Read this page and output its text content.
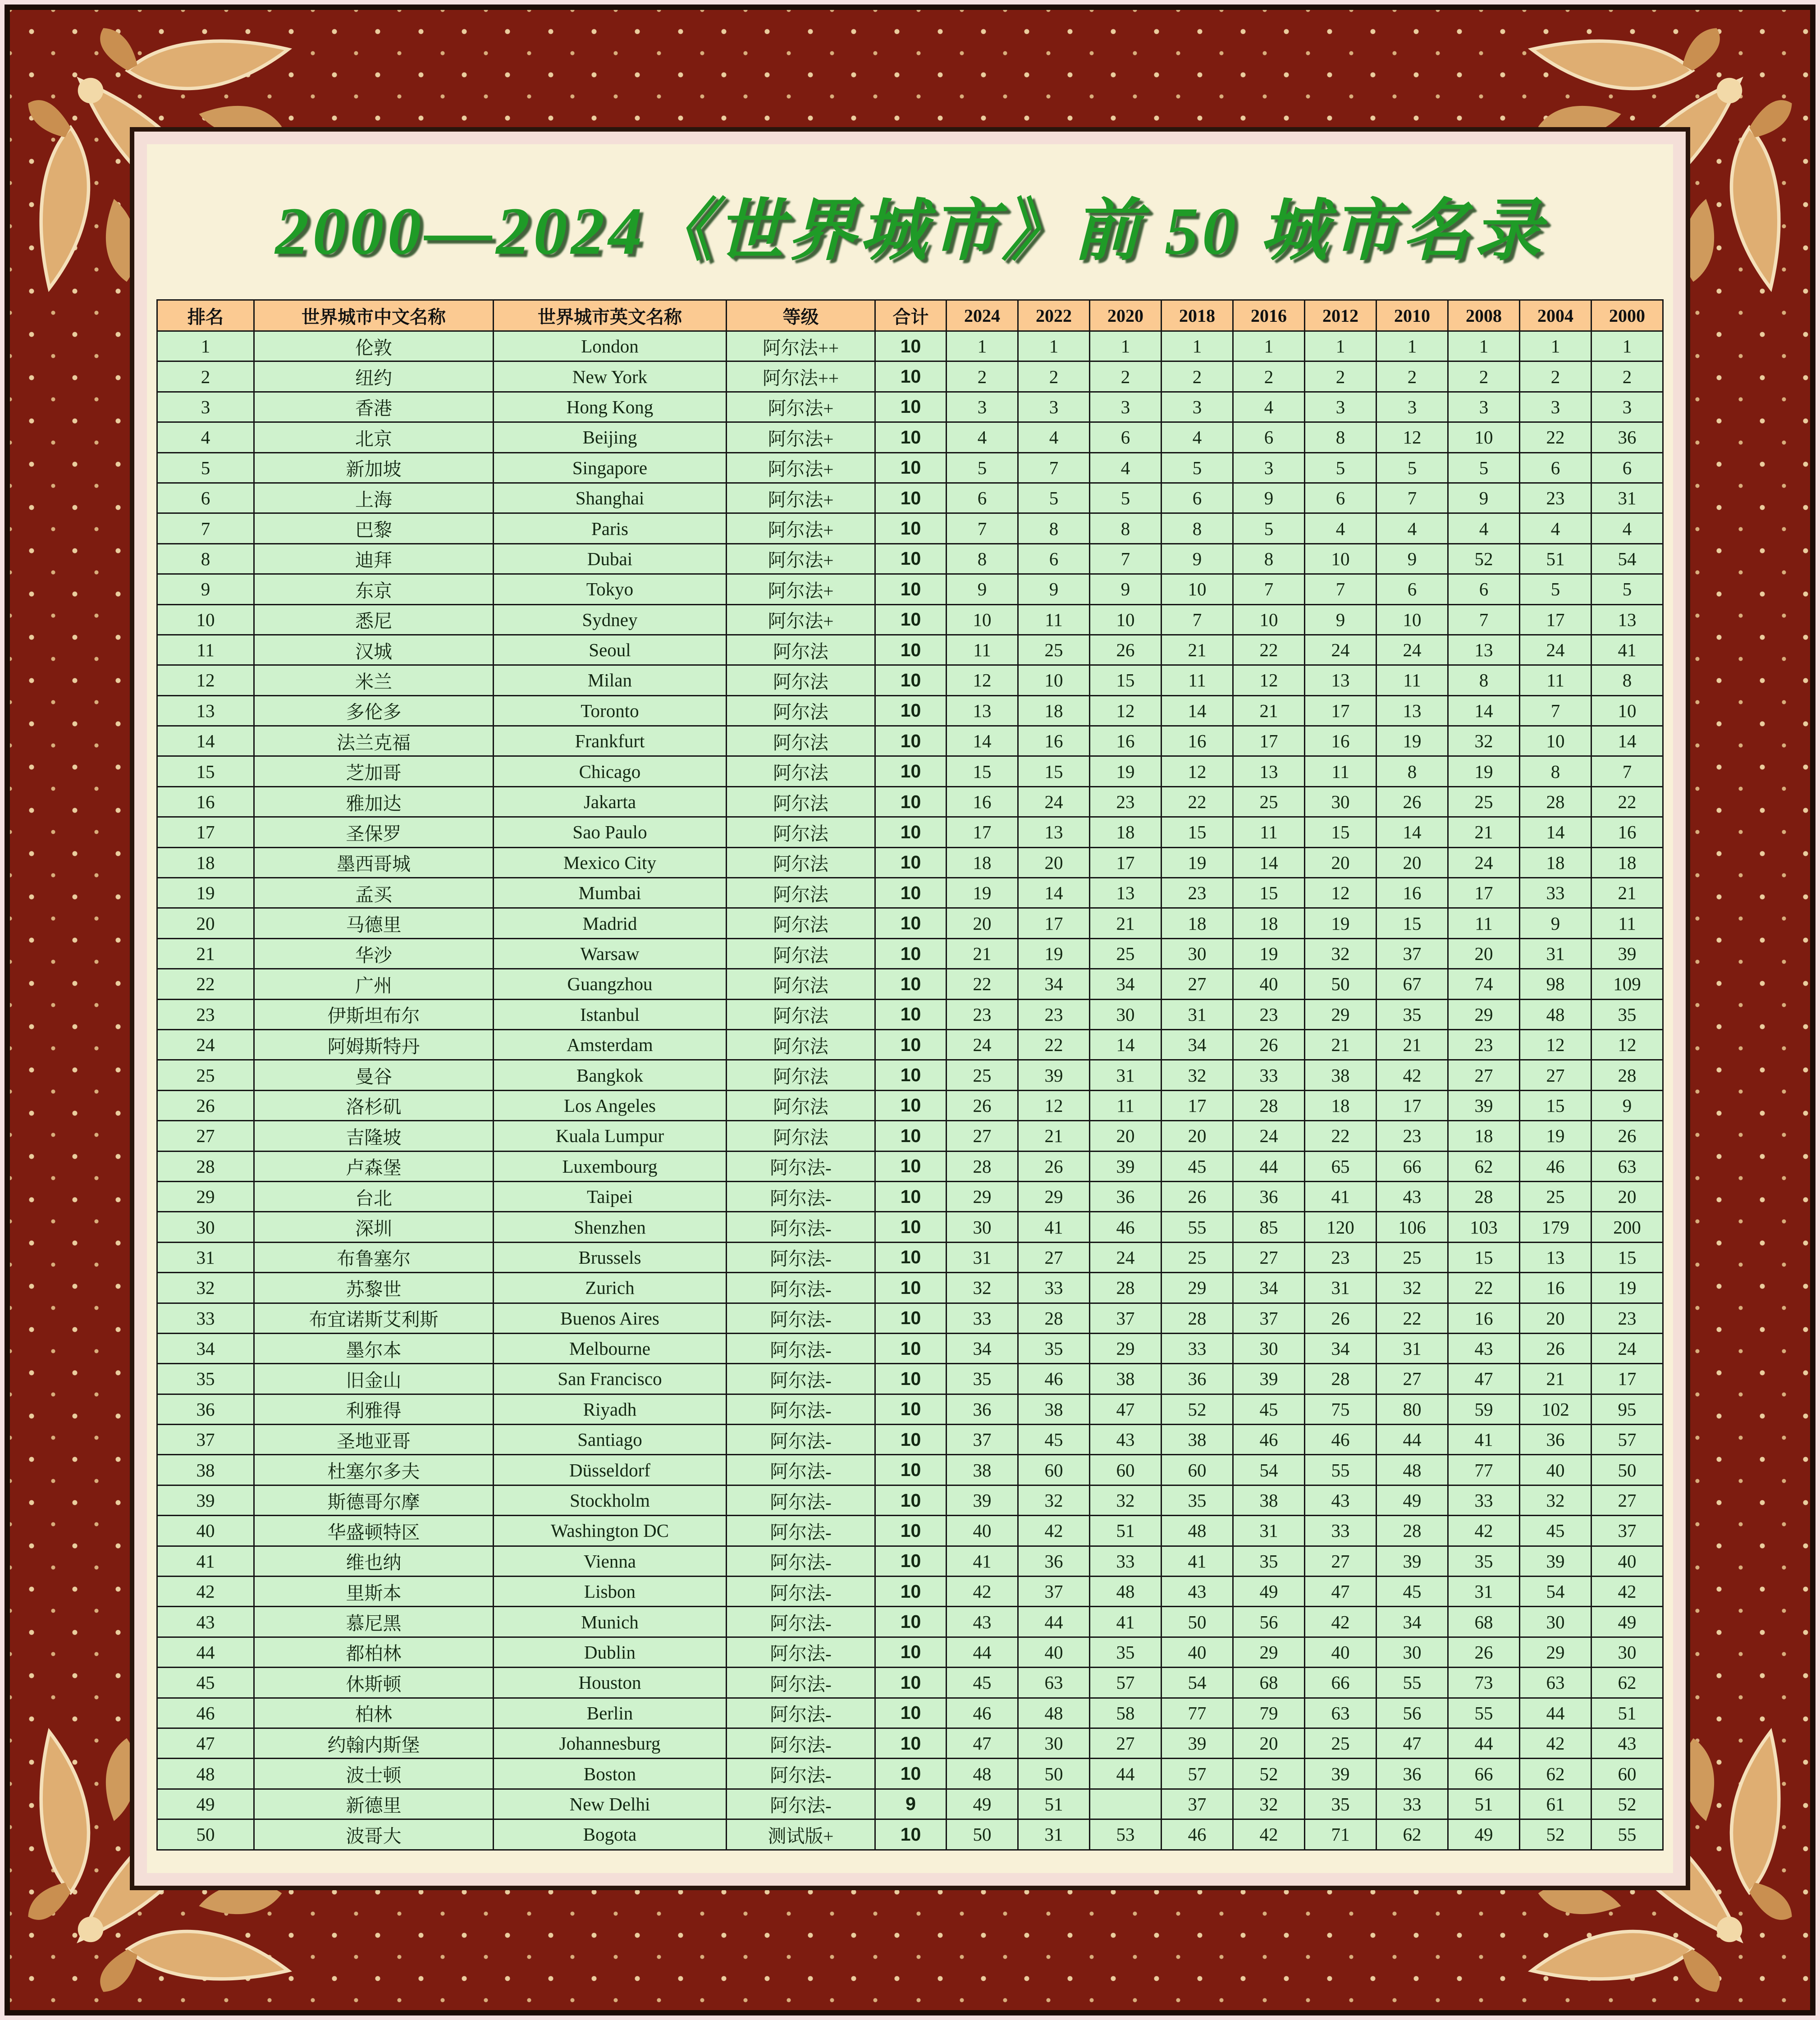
2000—2024《世界城市》前 50 城市名录
排名	世界城市中文名称	世界城市英文名称	等级	合计	2024	2022	2020	2018	2016	2012	2010	2008	2004	2000
1	伦敦	London	阿尔法++	10	1	1	1	1	1	1	1	1	1	1
2	纽约	New York	阿尔法++	10	2	2	2	2	2	2	2	2	2	2
3	香港	Hong Kong	阿尔法+	10	3	3	3	3	4	3	3	3	3	3
4	北京	Beijing	阿尔法+	10	4	4	6	4	6	8	12	10	22	36
5	新加坡	Singapore	阿尔法+	10	5	7	4	5	3	5	5	5	6	6
6	上海	Shanghai	阿尔法+	10	6	5	5	6	9	6	7	9	23	31
7	巴黎	Paris	阿尔法+	10	7	8	8	8	5	4	4	4	4	4
8	迪拜	Dubai	阿尔法+	10	8	6	7	9	8	10	9	52	51	54
9	东京	Tokyo	阿尔法+	10	9	9	9	10	7	7	6	6	5	5
10	悉尼	Sydney	阿尔法+	10	10	11	10	7	10	9	10	7	17	13
11	汉城	Seoul	阿尔法	10	11	25	26	21	22	24	24	13	24	41
12	米兰	Milan	阿尔法	10	12	10	15	11	12	13	11	8	11	8
13	多伦多	Toronto	阿尔法	10	13	18	12	14	21	17	13	14	7	10
14	法兰克福	Frankfurt	阿尔法	10	14	16	16	16	17	16	19	32	10	14
15	芝加哥	Chicago	阿尔法	10	15	15	19	12	13	11	8	19	8	7
16	雅加达	Jakarta	阿尔法	10	16	24	23	22	25	30	26	25	28	22
17	圣保罗	Sao Paulo	阿尔法	10	17	13	18	15	11	15	14	21	14	16
18	墨西哥城	Mexico City	阿尔法	10	18	20	17	19	14	20	20	24	18	18
19	孟买	Mumbai	阿尔法	10	19	14	13	23	15	12	16	17	33	21
20	马德里	Madrid	阿尔法	10	20	17	21	18	18	19	15	11	9	11
21	华沙	Warsaw	阿尔法	10	21	19	25	30	19	32	37	20	31	39
22	广州	Guangzhou	阿尔法	10	22	34	34	27	40	50	67	74	98	109
23	伊斯坦布尔	Istanbul	阿尔法	10	23	23	30	31	23	29	35	29	48	35
24	阿姆斯特丹	Amsterdam	阿尔法	10	24	22	14	34	26	21	21	23	12	12
25	曼谷	Bangkok	阿尔法	10	25	39	31	32	33	38	42	27	27	28
26	洛杉矶	Los Angeles	阿尔法	10	26	12	11	17	28	18	17	39	15	9
27	吉隆坡	Kuala Lumpur	阿尔法	10	27	21	20	20	24	22	23	18	19	26
28	卢森堡	Luxembourg	阿尔法-	10	28	26	39	45	44	65	66	62	46	63
29	台北	Taipei	阿尔法-	10	29	29	36	26	36	41	43	28	25	20
30	深圳	Shenzhen	阿尔法-	10	30	41	46	55	85	120	106	103	179	200
31	布鲁塞尔	Brussels	阿尔法-	10	31	27	24	25	27	23	25	15	13	15
32	苏黎世	Zurich	阿尔法-	10	32	33	28	29	34	31	32	22	16	19
33	布宜诺斯艾利斯	Buenos Aires	阿尔法-	10	33	28	37	28	37	26	22	16	20	23
34	墨尔本	Melbourne	阿尔法-	10	34	35	29	33	30	34	31	43	26	24
35	旧金山	San Francisco	阿尔法-	10	35	46	38	36	39	28	27	47	21	17
36	利雅得	Riyadh	阿尔法-	10	36	38	47	52	45	75	80	59	102	95
37	圣地亚哥	Santiago	阿尔法-	10	37	45	43	38	46	46	44	41	36	57
38	杜塞尔多夫	Düsseldorf	阿尔法-	10	38	60	60	60	54	55	48	77	40	50
39	斯德哥尔摩	Stockholm	阿尔法-	10	39	32	32	35	38	43	49	33	32	27
40	华盛顿特区	Washington DC	阿尔法-	10	40	42	51	48	31	33	28	42	45	37
41	维也纳	Vienna	阿尔法-	10	41	36	33	41	35	27	39	35	39	40
42	里斯本	Lisbon	阿尔法-	10	42	37	48	43	49	47	45	31	54	42
43	慕尼黑	Munich	阿尔法-	10	43	44	41	50	56	42	34	68	30	49
44	都柏林	Dublin	阿尔法-	10	44	40	35	40	29	40	30	26	29	30
45	休斯顿	Houston	阿尔法-	10	45	63	57	54	68	66	55	73	63	62
46	柏林	Berlin	阿尔法-	10	46	48	58	77	79	63	56	55	44	51
47	约翰内斯堡	Johannesburg	阿尔法-	10	47	30	27	39	20	25	47	44	42	43
48	波士顿	Boston	阿尔法-	10	48	50	44	57	52	39	36	66	62	60
49	新德里	New Delhi	阿尔法-	9	49	51		37	32	35	33	51	61	52
50	波哥大	Bogota	测试版+	10	50	31	53	46	42	71	62	49	52	55
